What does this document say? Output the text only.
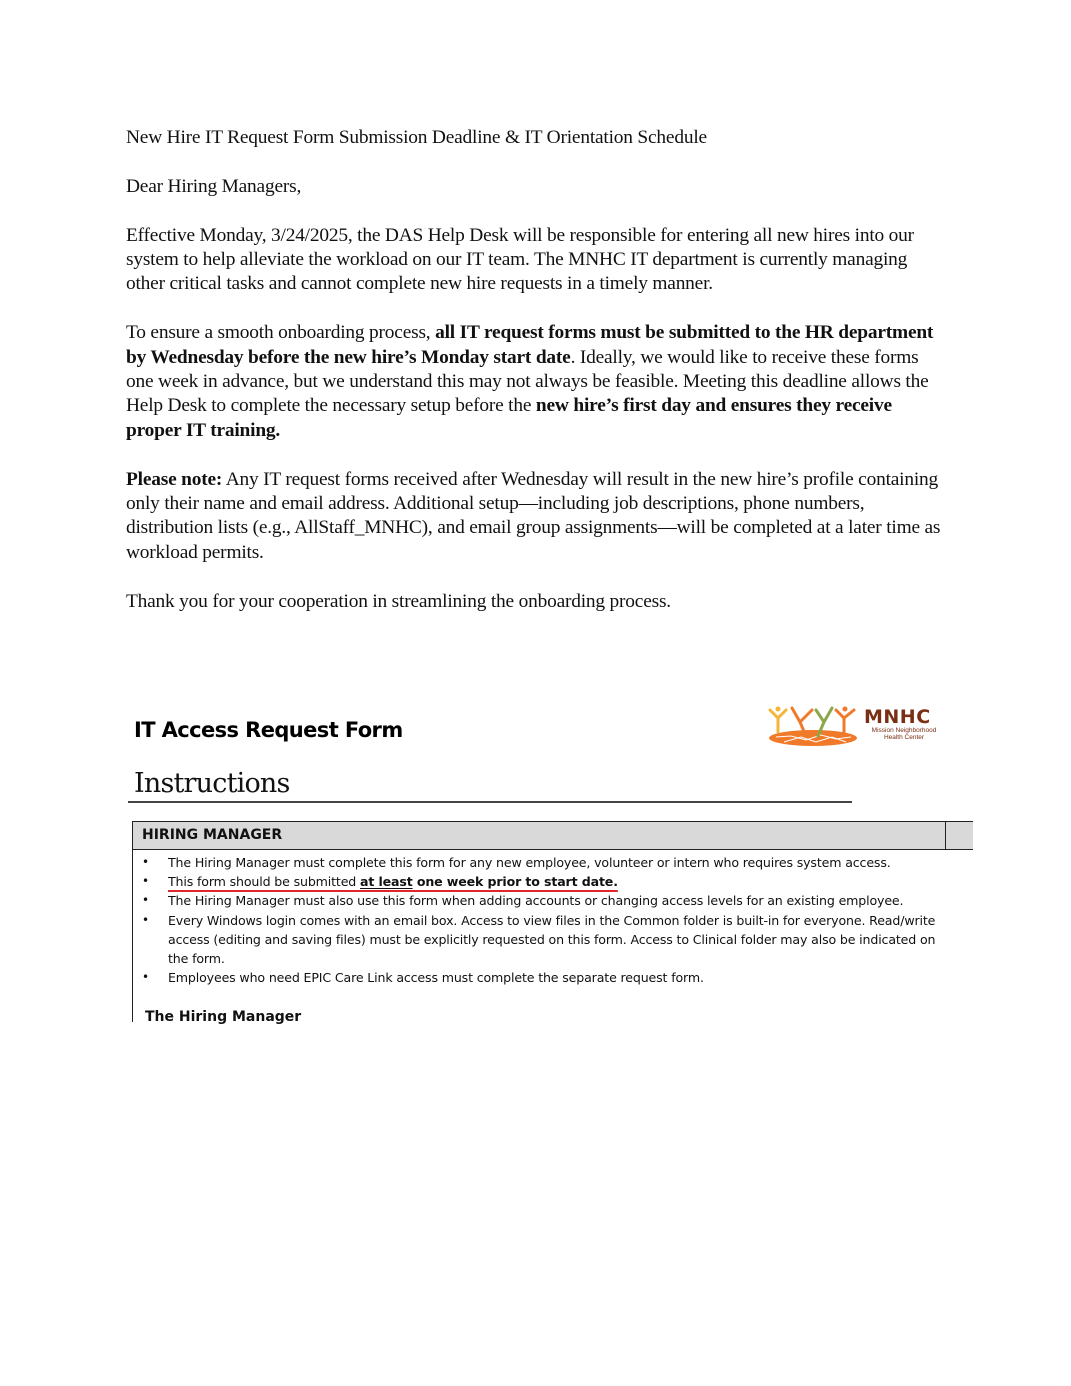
New Hire IT Request Form Submission Deadline & IT Orientation Schedule

Dear Hiring Managers,

Effective Monday, 3/24/2025, the DAS Help Desk will be responsible for entering all new hires into our system to help alleviate the workload on our IT team. The MNHC IT department is currently managing other critical tasks and cannot complete new hire requests in a timely manner.

To ensure a smooth onboarding process, all IT request forms must be submitted to the HR department by Wednesday before the new hire’s Monday start date. Ideally, we would like to receive these forms one week in advance, but we understand this may not always be feasible. Meeting this deadline allows the Help Desk to complete the necessary setup before the new hire’s first day and ensures they receive proper IT training.

Please note: Any IT request forms received after Wednesday will result in the new hire’s profile containing only their name and email address. Additional setup—including job descriptions, phone numbers, distribution lists (e.g., AllStaff_MNHC), and email group assignments—will be completed at a later time as workload permits.

Thank you for your cooperation in streamlining the onboarding process.

IT Access Request Form
MNHC
Mission Neighborhood
Health Center
Instructions
HIRING MANAGER
• The Hiring Manager must complete this form for any new employee, volunteer or intern who requires system access.
• This form should be submitted at least one week prior to start date.
• The Hiring Manager must also use this form when adding accounts or changing access levels for an existing employee.
• Every Windows login comes with an email box. Access to view files in the Common folder is built-in for everyone. Read/write access (editing and saving files) must be explicitly requested on this form. Access to Clinical folder may also be indicated on the form.
• Employees who need EPIC Care Link access must complete the separate request form.
The Hiring Manager
